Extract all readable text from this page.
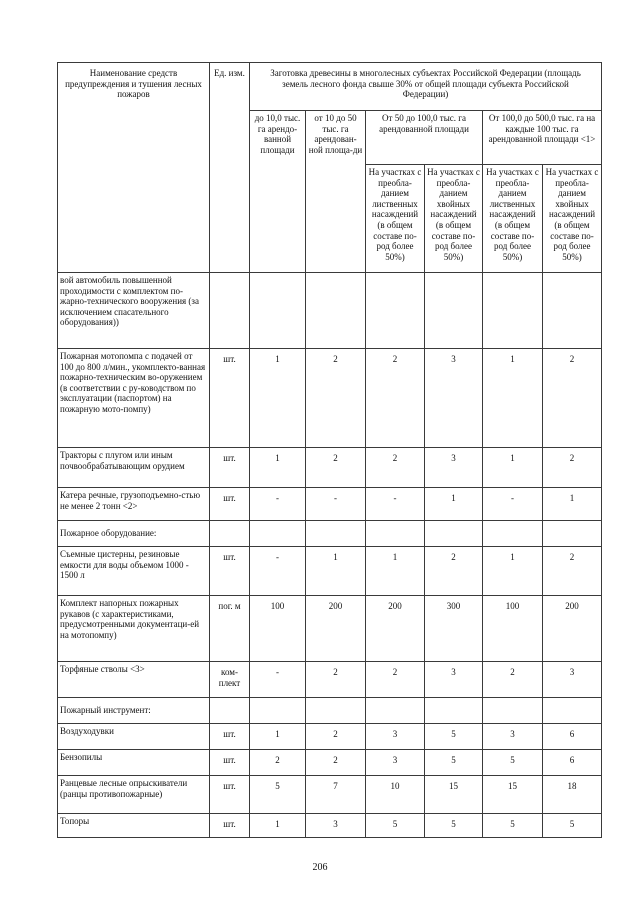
Наименование средств предупреждения и тушения лесных пожаров	Ед. изм.	Заготовка древесины в многолесных субъектах Российской Федерации (площадь земель лесного фонда свыше 30% от общей площади субъекта Российской Федерации)					
		до 10,0 тыс. га арендо-ванной площади	от 10 до 50 тыс. га арендован-ной площа-ди	От 50 до 100,0 тыс. га арендованной площади		От 100,0 до 500,0 тыс. га на каждые 100 тыс. га арендованной площади <1>	
				На участках с преобла-данием лиственных насаждений (в общем составе по-род более 50%)	На участках с преобла-данием хвойных насаждений (в общем составе по-род более 50%)	На участках с преобла-данием лиственных насаждений (в общем составе по-род более 50%)	На участках с преобла-данием хвойных насаждений (в общем составе по-род более 50%)
вой автомобиль повышенной проходимости с комплектом по-жарно-технического вооружения (за исключением спасательного оборудования))							
Пожарная мотопомпа с подачей от 100 до 800 л/мин., укомплекто-ванная пожарно-техническим во-оружением (в соответствии с ру-ководством по эксплуатации (паспортом) на пожарную мото-помпу)	шт.	1	2	2	3	1	2
Тракторы с плугом или иным почвообрабатывающим орудием	шт.	1	2	2	3	1	2
Катера речные, грузоподъемно-стью не менее 2 тонн <2>	шт.	-	-	-	1	-	1
Пожарное оборудование:							
Съемные цистерны, резиновые емкости для воды объемом 1000 - 1500 л	шт.	-	1	1	2	1	2
Комплект напорных пожарных рукавов (с характеристиками, предусмотренными документаци-ей на мотопомпу)	пог. м	100	200	200	300	100	200
Торфяные стволы <3>	ком-плект	-	2	2	3	2	3
Пожарный инструмент:							
Воздуходувки	шт.	1	2	3	5	3	6
Бензопилы	шт.	2	2	3	5	5	6
Ранцевые лесные опрыскиватели (ранцы противопожарные)	шт.	5	7	10	15	15	18
Топоры	шт.	1	3	5	5	5	5
206
